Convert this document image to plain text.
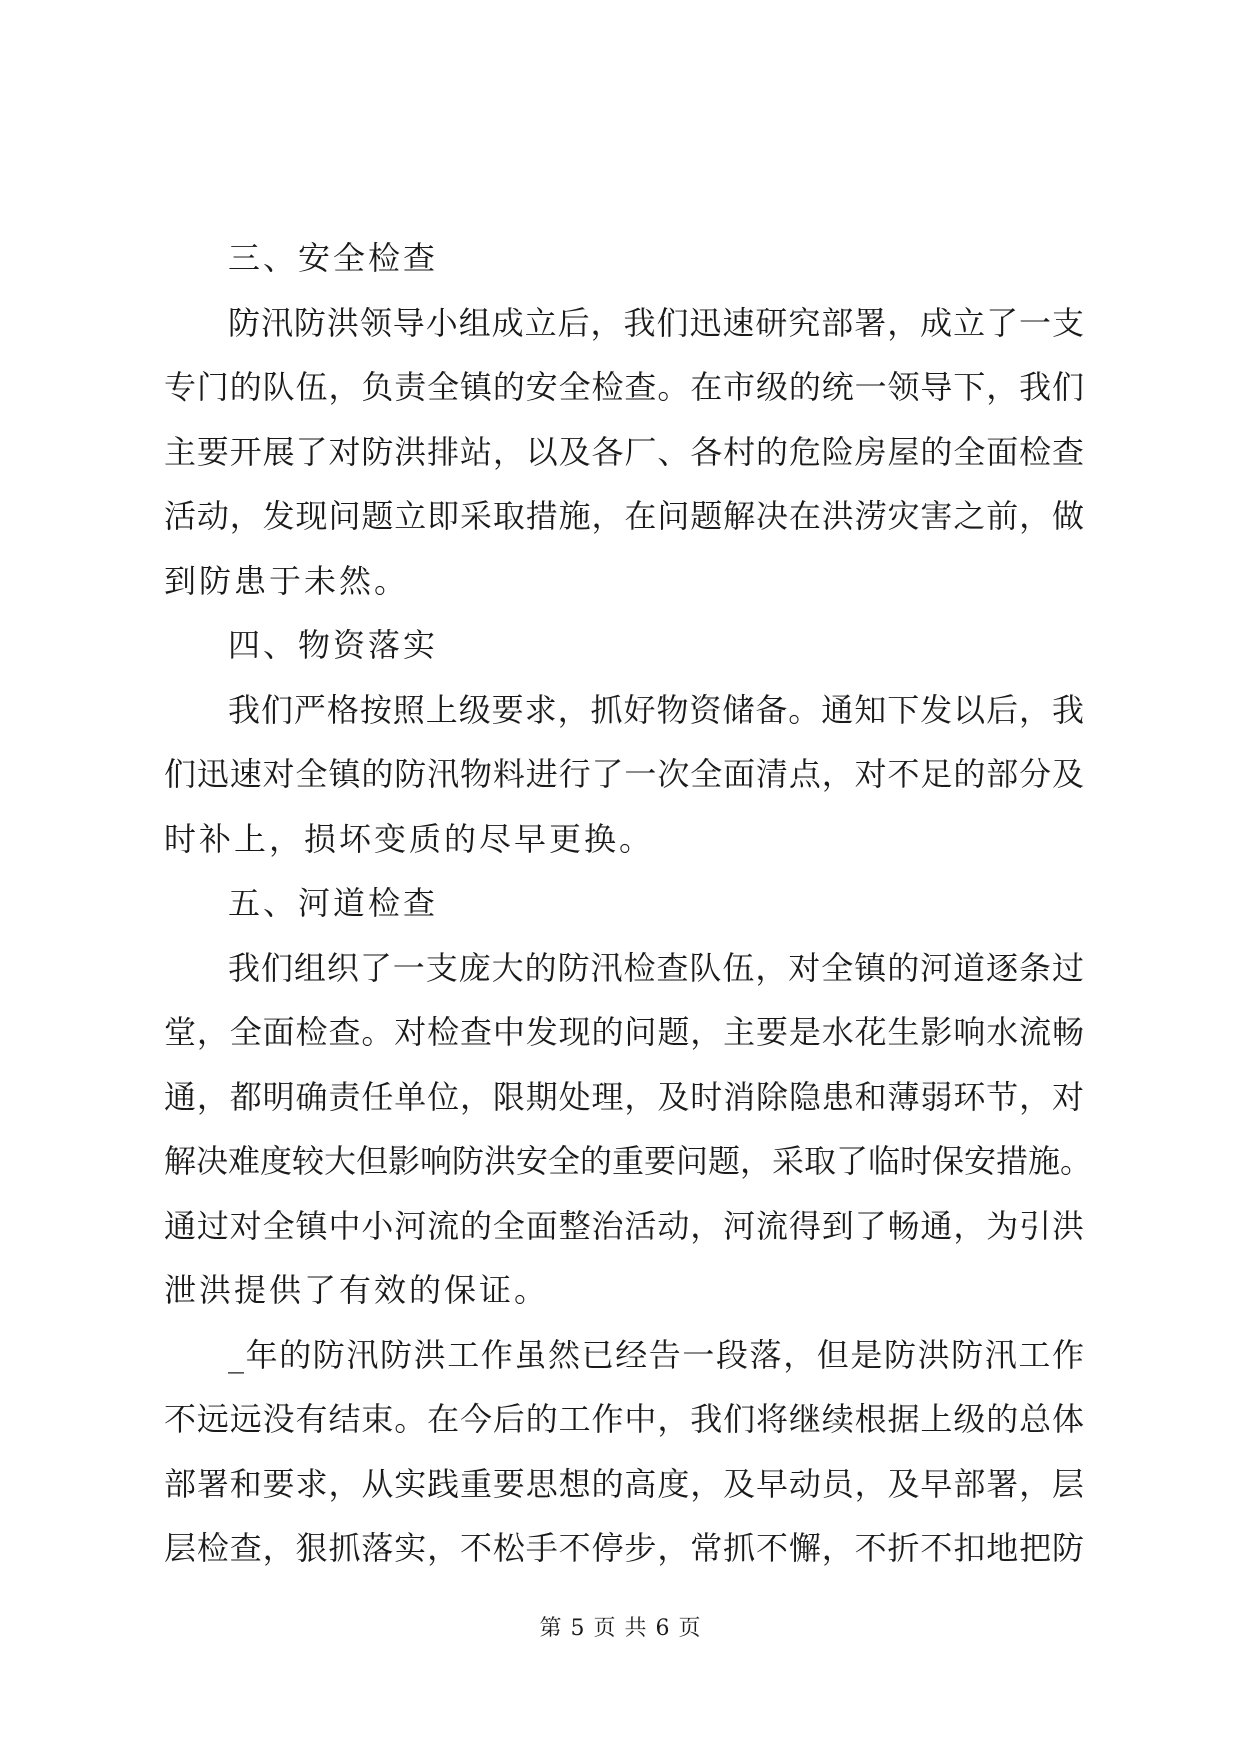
三、安全检查
防汛防洪领导小组成立后，我们迅速研究部署，成立了一支
专门的队伍，负责全镇的安全检查。在市级的统一领导下，我们
主要开展了对防洪排站，以及各厂、各村的危险房屋的全面检查
活动，发现问题立即采取措施，在问题解决在洪涝灾害之前，做
到防患于未然。
四、物资落实
我们严格按照上级要求，抓好物资储备。通知下发以后，我
们迅速对全镇的防汛物料进行了一次全面清点，对不足的部分及
时补上，损坏变质的尽早更换。
五、河道检查
我们组织了一支庞大的防汛检查队伍，对全镇的河道逐条过
堂，全面检查。对检查中发现的问题，主要是水花生影响水流畅
通，都明确责任单位，限期处理，及时消除隐患和薄弱环节，对
解决难度较大但影响防洪安全的重要问题，采取了临时保安措施。
通过对全镇中小河流的全面整治活动，河流得到了畅通，为引洪
泄洪提供了有效的保证。
_年的防汛防洪工作虽然已经告一段落，但是防洪防汛工作
不远远没有结束。在今后的工作中，我们将继续根据上级的总体
部署和要求，从实践重要思想的高度，及早动员，及早部署，层
层检查，狠抓落实，不松手不停步，常抓不懈，不折不扣地把防
第 5 页 共 6 页
